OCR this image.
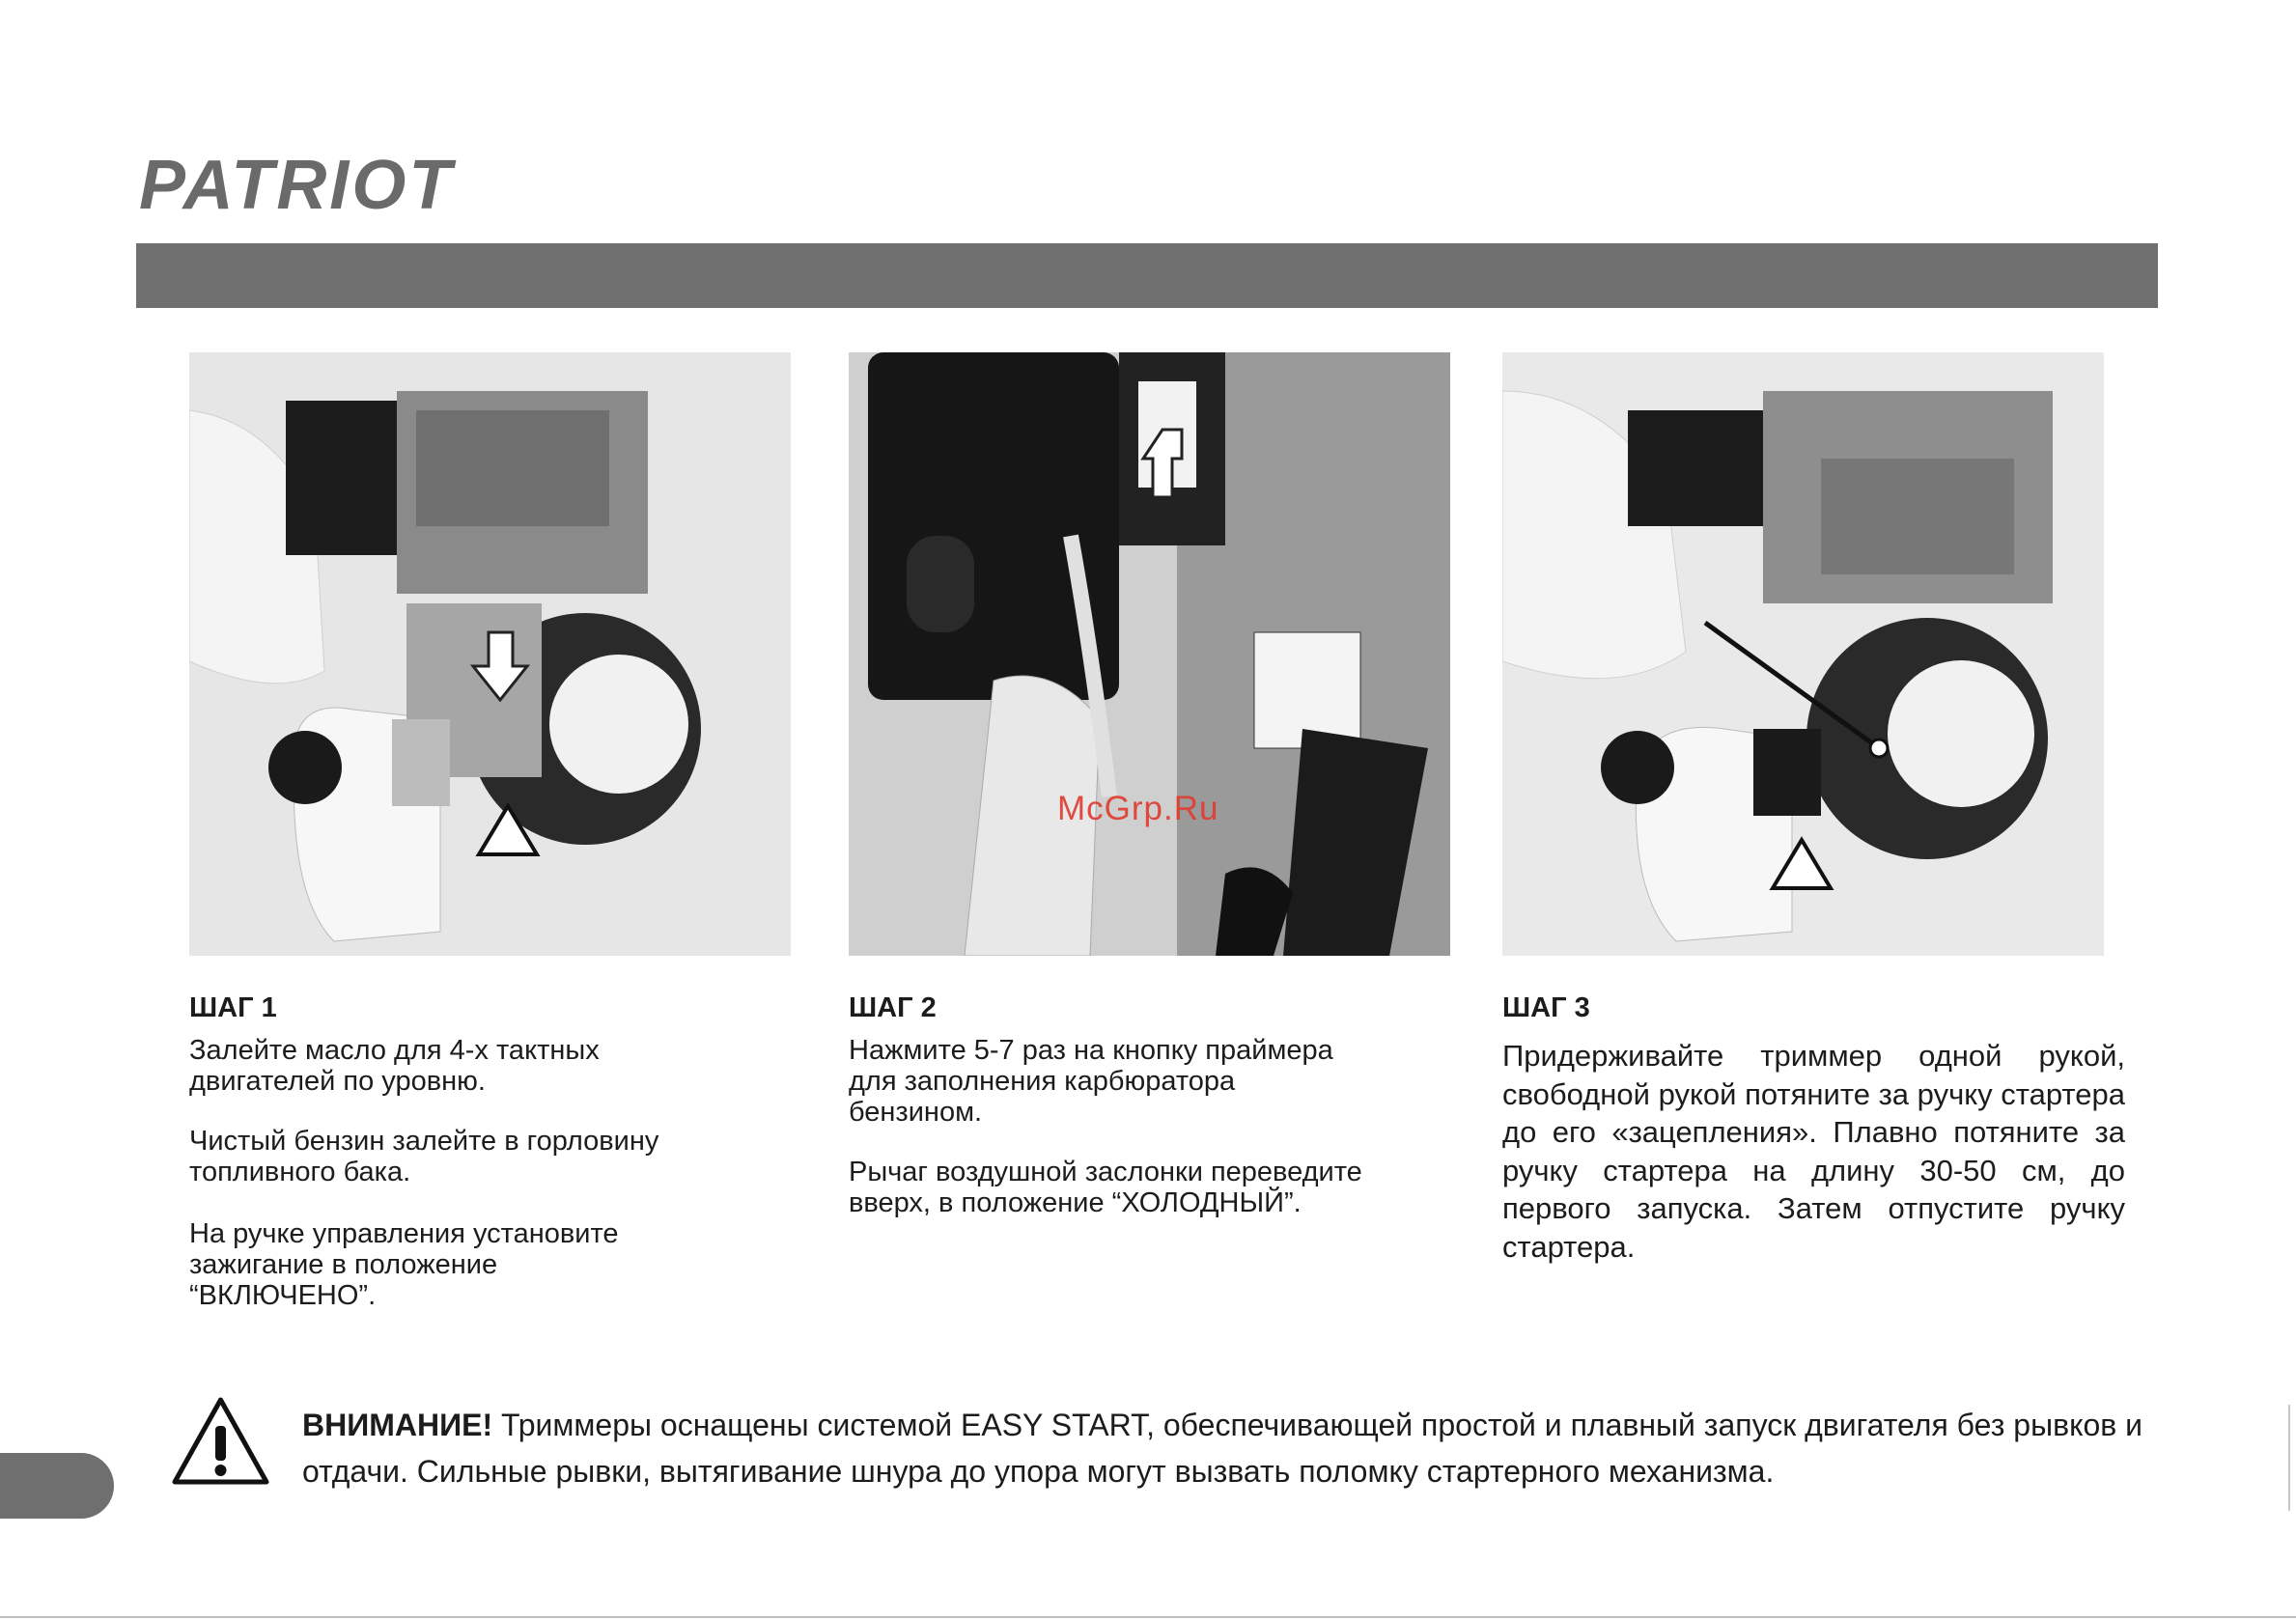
PATRIOT
McGrp.Ru
ШАГ 1

Залейте масло для 4-х тактных
двигателей по уровню.

Чистый бензин залейте в горловину
топливного бака.

На ручке управления установите
зажигание в положение
“ВКЛЮЧЕНО”.

ШАГ 2

Нажмите 5-7 раз на кнопку праймера
для заполнения карбюратора
бензином.

Рычаг воздушной заслонки переведите
вверх, в положение “ХОЛОДНЫЙ”.

ШАГ 3

Придерживайте триммер одной рукой, свободной рукой потяните за ручку стартера до его «зацепления». Плавно потяните за ручку стартера на длину 30-50 см, до первого запуска. Затем отпустите ручку стартера.

ВНИМАНИЕ! Триммеры оснащены системой EASY START, обеспечивающей простой и плавный запуск двигателя без рывков и отдачи. Сильные рывки, вытягивание шнура до упора могут вызвать поломку стартерного механизма.
